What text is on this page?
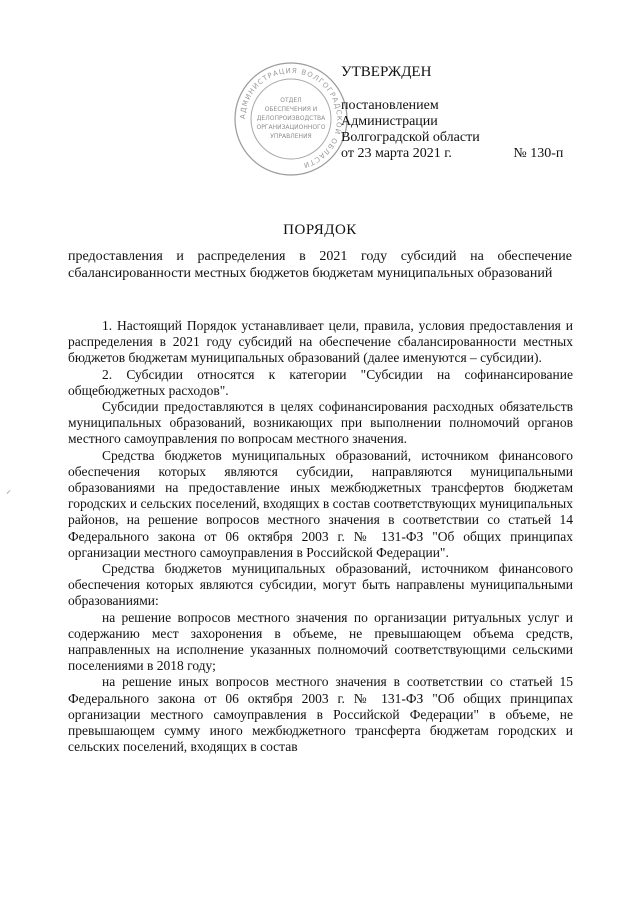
АДМИНИСТРАЦИЯ ВОЛГОГРАДСКОЙ ОБЛАСТИ
ОТДЕЛ
ОБЕСПЕЧЕНИЯ И
ДЕЛОПРОИЗВОДСТВА
ОРГАНИЗАЦИОННОГО
УПРАВЛЕНИЯ
УТВЕРЖДЕН
постановлением
Администрации
Волгоградской области
от 23 марта 2021 г.	№ 130-п
ПОРЯДОК
предоставления и распределения в 2021 году субсидий на обеспечение сбалансированности местных бюджетов бюджетам муниципальных образований
⸝

1. Настоящий Порядок устанавливает цели, правила, условия предоставления и распределения в 2021 году субсидий на обеспечение сбалансированности местных бюджетов бюджетам муниципальных образований (далее именуются – субсидии).

2. Субсидии относятся к категории "Субсидии на софинансирование общебюджетных расходов".

Субсидии предоставляются в целях софинансирования расходных обязательств муниципальных образований, возникающих при выполнении полномочий органов местного самоуправления по вопросам местного значения.

Средства бюджетов муниципальных образований, источником финансового обеспечения которых являются субсидии, направляются муниципальными образованиями на предоставление иных межбюджетных трансфертов бюджетам городских и сельских поселений, входящих в состав соответствующих муниципальных районов, на решение вопросов местного значения в соответствии со статьей 14 Федерального закона от 06 октября 2003 г. № 131-ФЗ "Об общих принципах организации местного самоуправления в Российской Федерации".

Средства бюджетов муниципальных образований, источником финансового обеспечения которых являются субсидии, могут быть направлены муниципальными образованиями:

на решение вопросов местного значения по организации ритуальных услуг и содержанию мест захоронения в объеме, не превышающем объема средств, направленных на исполнение указанных полномочий соответствующими сельскими поселениями в 2018 году;

на решение иных вопросов местного значения в соответствии со статьей 15 Федерального закона от 06 октября 2003 г. № 131-ФЗ "Об общих принципах организации местного самоуправления в Российской Федерации" в объеме, не превышающем сумму иного межбюджетного трансферта бюджетам городских и сельских поселений, входящих в состав
